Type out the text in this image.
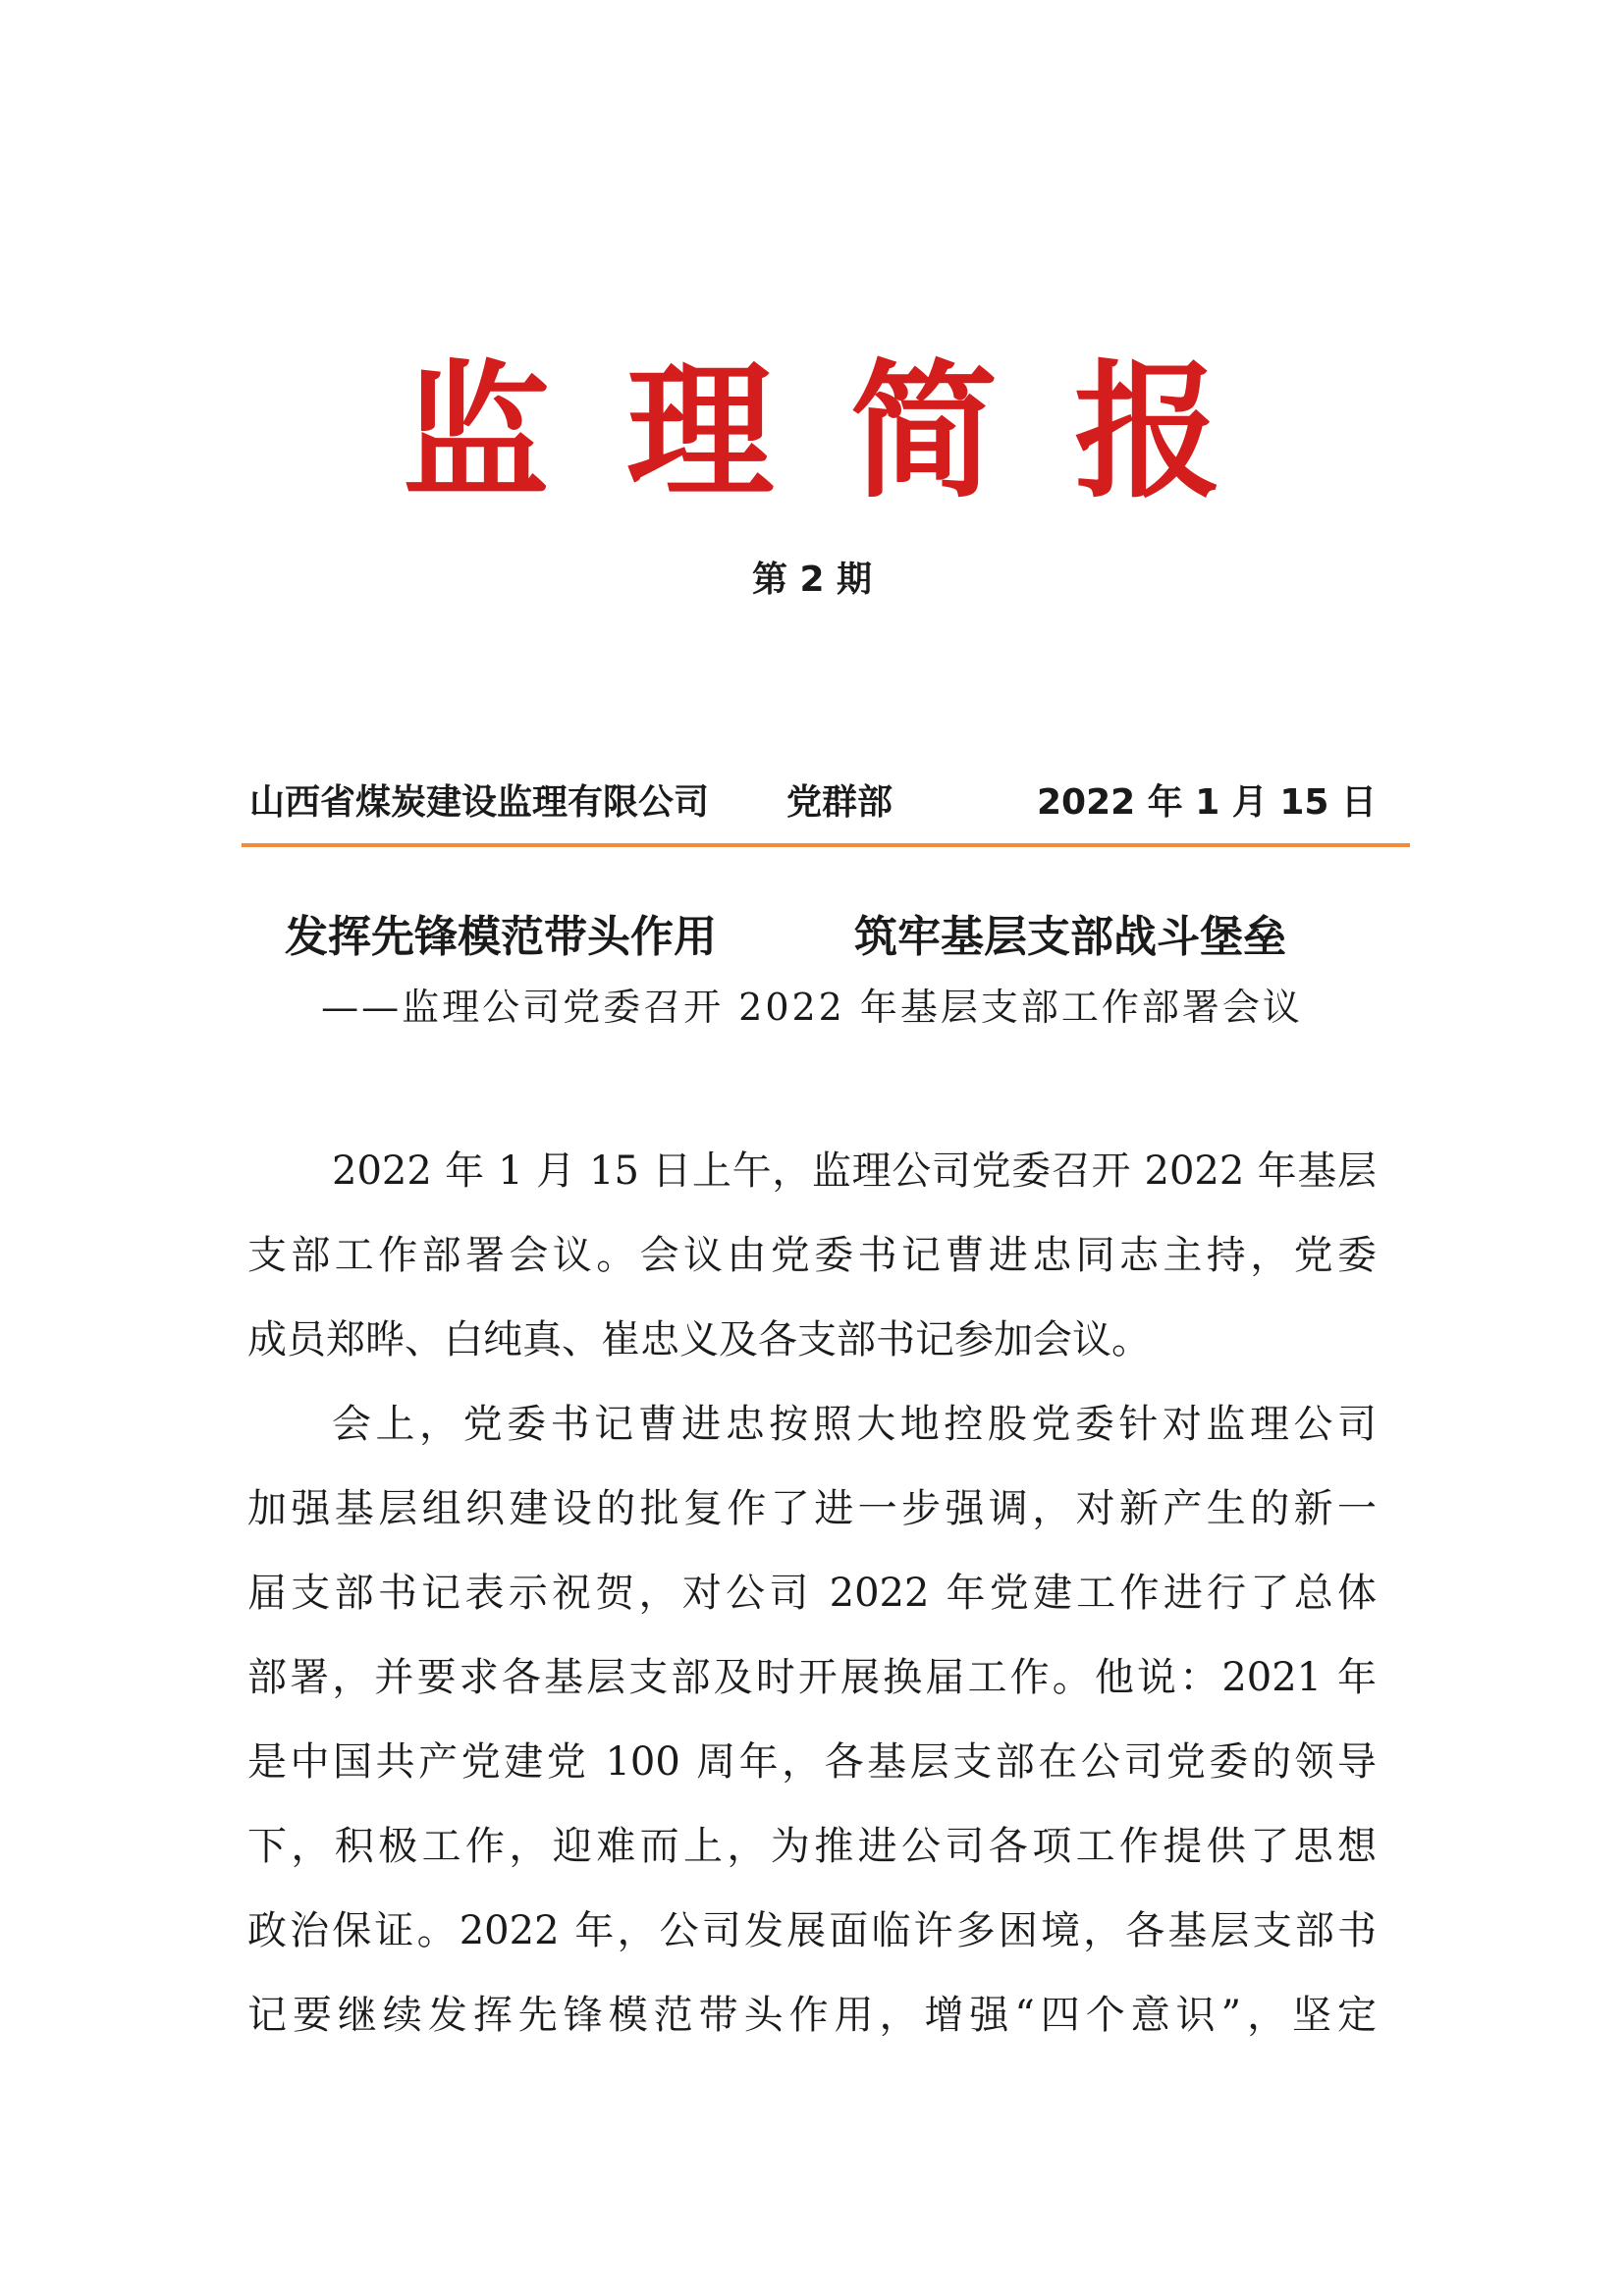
监理简报
第 2 期
山西省煤炭建设监理有限公司 党群部	2022 年 1 月 15 日
发挥先锋模范带头作用	筑牢基层支部战斗堡垒
——监理公司党委召开 2022 年基层支部工作部署会议
2022 年 1 月 15 日上午，监理公司党委召开 2022 年基层
支部工作部署会议。会议由党委书记曹进忠同志主持，党委
成员郑晔、白纯真、崔忠义及各支部书记参加会议。
会上，党委书记曹进忠按照大地控股党委针对监理公司
加强基层组织建设的批复作了进一步强调，对新产生的新一
届支部书记表示祝贺，对公司 2022 年党建工作进行了总体
部署，并要求各基层支部及时开展换届工作。他说：2021 年
是中国共产党建党 100 周年，各基层支部在公司党委的领导
下，积极工作，迎难而上，为推进公司各项工作提供了思想
政治保证。2022 年，公司发展面临许多困境，各基层支部书
记要继续发挥先锋模范带头作用，增强“四个意识”，坚定
